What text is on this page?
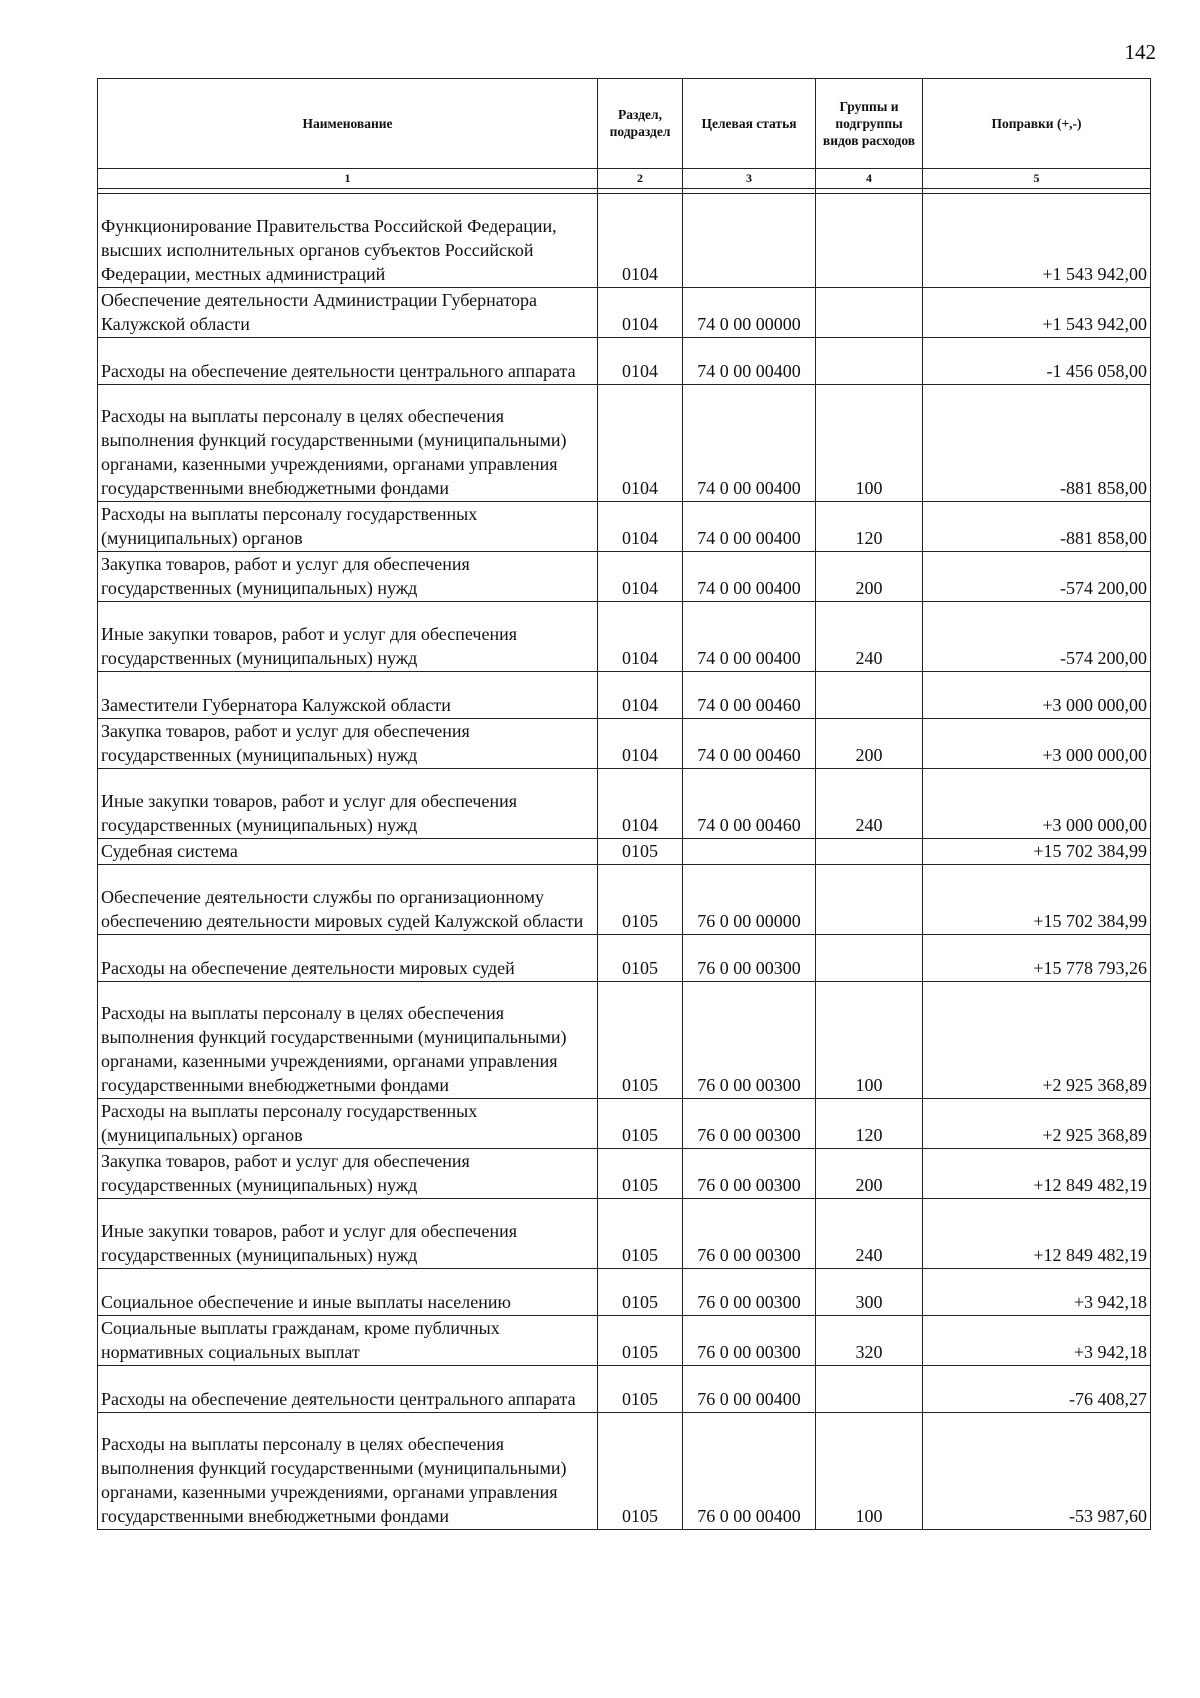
142
Наименование	Раздел, подраздел	Целевая статья	Группы и подгруппы видов расходов	Поправки (+,-)
1	2	3	4	5

Функционирование Правительства Российской Федерации, высших исполнительных органов субъектов Российской Федерации, местных администраций	0104			+1 543 942,00
Обеспечение деятельности Администрации Губернатора Калужской области	0104	74 0 00 00000		+1 543 942,00
Расходы на обеспечение деятельности центрального аппарата	0104	74 0 00 00400		-1 456 058,00
Расходы на выплаты персоналу в целях обеспечения выполнения функций государственными (муниципальными) органами, казенными учреждениями, органами управления государственными внебюджетными фондами	0104	74 0 00 00400	100	-881 858,00
Расходы на выплаты персоналу государственных (муниципальных) органов	0104	74 0 00 00400	120	-881 858,00
Закупка товаров, работ и услуг для обеспечения государственных (муниципальных) нужд	0104	74 0 00 00400	200	-574 200,00
Иные закупки товаров, работ и услуг для обеспечения государственных (муниципальных) нужд	0104	74 0 00 00400	240	-574 200,00
Заместители Губернатора Калужской области	0104	74 0 00 00460		+3 000 000,00
Закупка товаров, работ и услуг для обеспечения государственных (муниципальных) нужд	0104	74 0 00 00460	200	+3 000 000,00
Иные закупки товаров, работ и услуг для обеспечения государственных (муниципальных) нужд	0104	74 0 00 00460	240	+3 000 000,00
Судебная система	0105			+15 702 384,99
Обеспечение деятельности службы по организационному обеспечению деятельности мировых судей Калужской области	0105	76 0 00 00000		+15 702 384,99
Расходы на обеспечение деятельности мировых судей	0105	76 0 00 00300		+15 778 793,26
Расходы на выплаты персоналу в целях обеспечения выполнения функций государственными (муниципальными) органами, казенными учреждениями, органами управления государственными внебюджетными фондами	0105	76 0 00 00300	100	+2 925 368,89
Расходы на выплаты персоналу государственных (муниципальных) органов	0105	76 0 00 00300	120	+2 925 368,89
Закупка товаров, работ и услуг для обеспечения государственных (муниципальных) нужд	0105	76 0 00 00300	200	+12 849 482,19
Иные закупки товаров, работ и услуг для обеспечения государственных (муниципальных) нужд	0105	76 0 00 00300	240	+12 849 482,19
Социальное обеспечение и иные выплаты населению	0105	76 0 00 00300	300	+3 942,18
Социальные выплаты гражданам, кроме публичных нормативных социальных выплат	0105	76 0 00 00300	320	+3 942,18
Расходы на обеспечение деятельности центрального аппарата	0105	76 0 00 00400		-76 408,27
Расходы на выплаты персоналу в целях обеспечения выполнения функций государственными (муниципальными) органами, казенными учреждениями, органами управления государственными внебюджетными фондами	0105	76 0 00 00400	100	-53 987,60
